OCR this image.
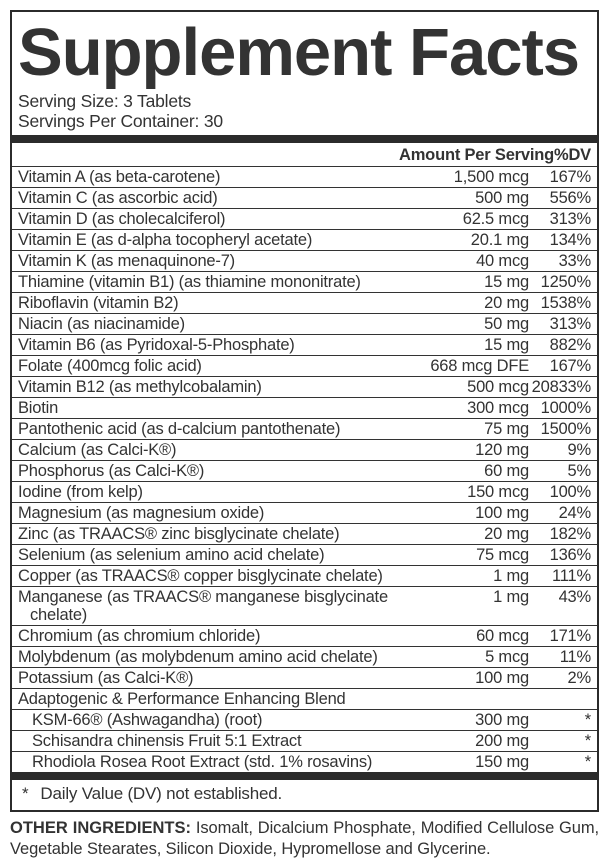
Supplement Facts
Serving Size: 3 Tablets
Servings Per Container: 30
Amount Per Serving %DV
Vitamin A (as beta-carotene)	1,500 mcg	167%
Vitamin C (as ascorbic acid)	500 mg	556%
Vitamin D (as cholecalciferol)	62.5 mcg	313%
Vitamin E (as d-alpha tocopheryl acetate)	20.1 mg	134%
Vitamin K (as menaquinone-7)	40 mcg	33%
Thiamine (vitamin B1) (as thiamine mononitrate)	15 mg 1250%
Riboflavin (vitamin B2)	20 mg 1538%
Niacin (as niacinamide)	50 mg	313%
Vitamin B6 (as Pyridoxal-5-Phosphate)	15 mg	882%
Folate (400mcg folic acid)	668 mcg DFE	167%
Vitamin B12 (as methylcobalamin)	500 mcg 20833%
Biotin	300 mcg 1000%
Pantothenic acid (as d-calcium pantothenate)	75 mg 1500%
Calcium (as Calci-K®)	120 mg	9%
Phosphorus (as Calci-K®)	60 mg	5%
Iodine (from kelp)	150 mcg	100%
Magnesium (as magnesium oxide)	100 mg	24%
Zinc (as TRAACS® zinc bisglycinate chelate)	20 mg	182%
Selenium (as selenium amino acid chelate)	75 mcg	136%
Copper (as TRAACS® copper bisglycinate chelate)	1 mg	111%
Manganese (as TRAACS® manganese bisglycinate chelate)
1 mg	43%
Chromium (as chromium chloride)	60 mcg	171%
Molybdenum (as molybdenum amino acid chelate)	5 mcg	11%
Potassium (as Calci-K®)	100 mg	2%
Adaptogenic & Performance Enhancing Blend
KSM-66® (Ashwagandha) (root)	300 mg	*
Schisandra chinensis Fruit 5:1 Extract	200 mg	*
Rhodiola Rosea Root Extract (std. 1% rosavins)	150 mg	*
* Daily Value (DV) not established.

OTHER INGREDIENTS: Isomalt, Dicalcium Phosphate, Modified Cellulose Gum, Vegetable Stearates, Silicon Dioxide, Hypromellose and Glycerine.
